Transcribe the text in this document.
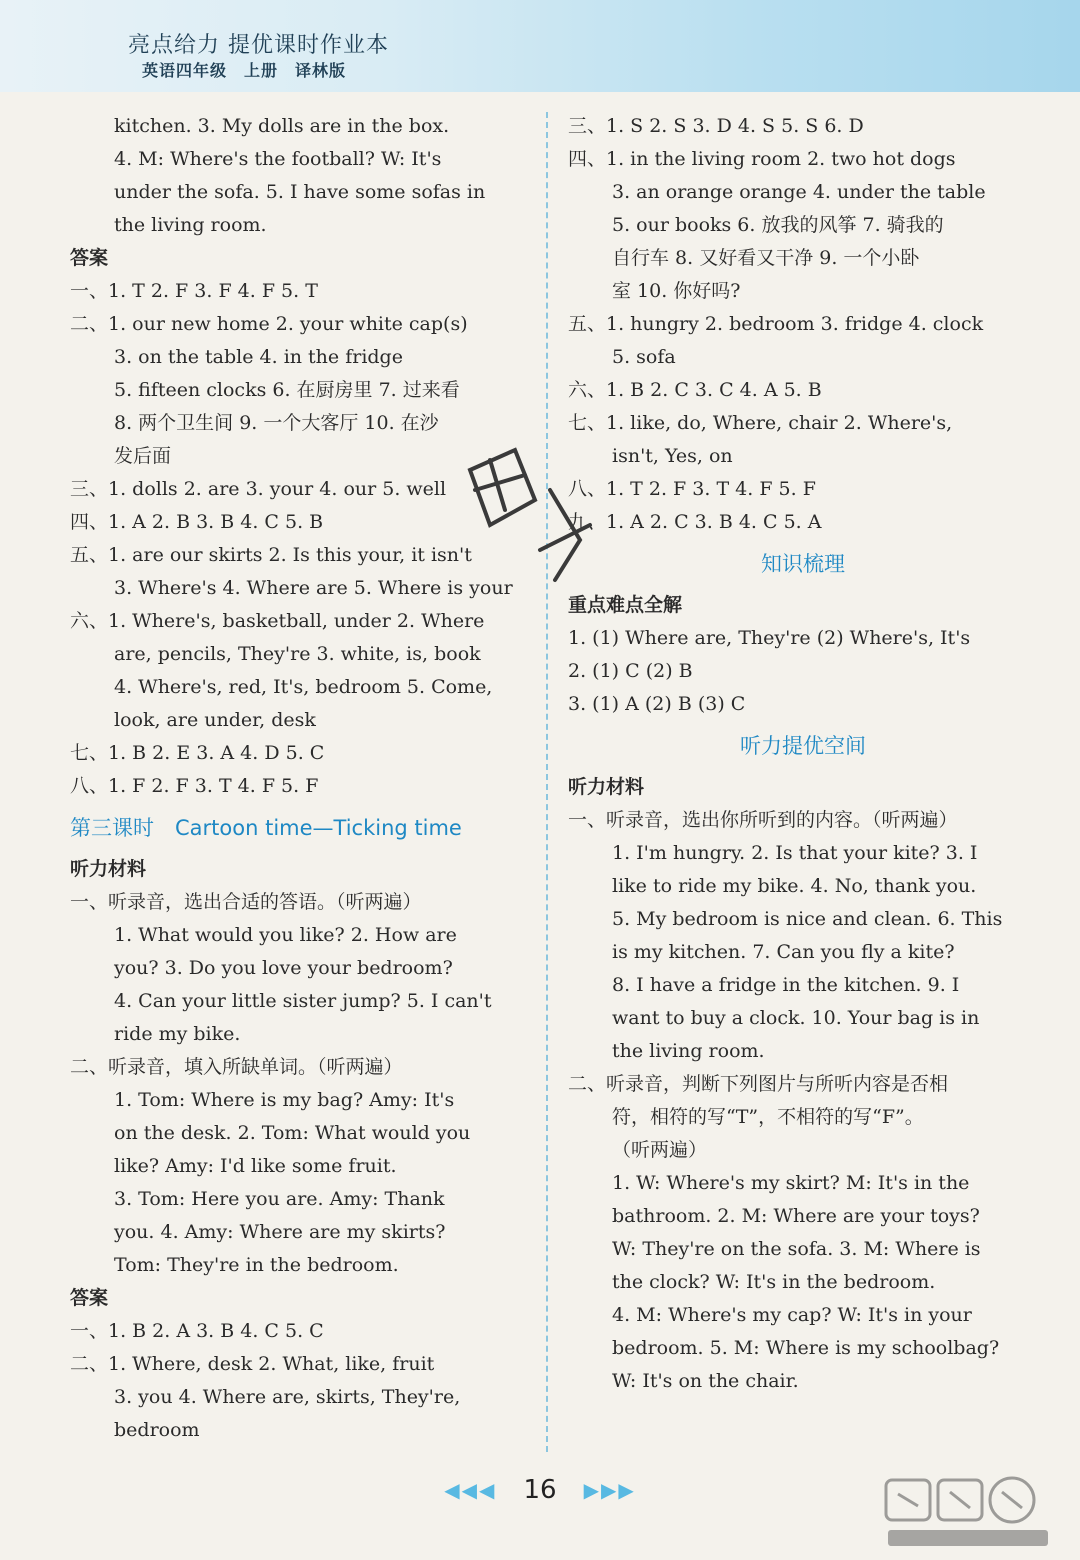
亮点给力 提优课时作业本
英语四年级　上册　译林版
kitchen. 3. My dolls are in the box.
4. M: Where's the football? W: It's
under the sofa. 5. I have some sofas in
the living room.
答案
一、1. T 2. F 3. F 4. F 5. T
二、1. our new home 2. your white cap(s)
3. on the table 4. in the fridge
5. fifteen clocks 6. 在厨房里 7. 过来看
8. 两个卫生间 9. 一个大客厅 10. 在沙
发后面
三、1. dolls 2. are 3. your 4. our 5. well
四、1. A 2. B 3. B 4. C 5. B
五、1. are our skirts 2. Is this your, it isn't
3. Where's 4. Where are 5. Where is your
六、1. Where's, basketball, under 2. Where
are, pencils, They're 3. white, is, book
4. Where's, red, It's, bedroom 5. Come,
look, are under, desk
七、1. B 2. E 3. A 4. D 5. C
八、1. F 2. F 3. T 4. F 5. F
第三课时　Cartoon time—Ticking time
听力材料
一、听录音，选出合适的答语。（听两遍）
1. What would you like? 2. How are
you? 3. Do you love your bedroom?
4. Can your little sister jump? 5. I can't
ride my bike.
二、听录音，填入所缺单词。（听两遍）
1. Tom: Where is my bag? Amy: It's
on the desk. 2. Tom: What would you
like? Amy: I'd like some fruit.
3. Tom: Here you are. Amy: Thank
you. 4. Amy: Where are my skirts?
Tom: They're in the bedroom.
答案
一、1. B 2. A 3. B 4. C 5. C
二、1. Where, desk 2. What, like, fruit
3. you 4. Where are, skirts, They're,
bedroom
三、1. S 2. S 3. D 4. S 5. S 6. D
四、1. in the living room 2. two hot dogs
3. an orange orange 4. under the table
5. our books 6. 放我的风筝 7. 骑我的
自行车 8. 又好看又干净 9. 一个小卧
室 10. 你好吗?
五、1. hungry 2. bedroom 3. fridge 4. clock
5. sofa
六、1. B 2. C 3. C 4. A 5. B
七、1. like, do, Where, chair 2. Where's,
isn't, Yes, on
八、1. T 2. F 3. T 4. F 5. F
九、1. A 2. C 3. B 4. C 5. A
知识梳理
重点难点全解
1. (1) Where are, They're (2) Where's, It's
2. (1) C (2) B
3. (1) A (2) B (3) C
听力提优空间
听力材料
一、听录音，选出你所听到的内容。（听两遍）
1. I'm hungry. 2. Is that your kite? 3. I
like to ride my bike. 4. No, thank you.
5. My bedroom is nice and clean. 6. This
is my kitchen. 7. Can you fly a kite?
8. I have a fridge in the kitchen. 9. I
want to buy a clock. 10. Your bag is in
the living room.
二、听录音，判断下列图片与所听内容是否相
符，相符的写“T”，不相符的写“F”。
（听两遍）
1. W: Where's my skirt? M: It's in the
bathroom. 2. M: Where are your toys?
W: They're on the sofa. 3. M: Where is
the clock? W: It's in the bedroom.
4. M: Where's my cap? W: It's in your
bedroom. 5. M: Where is my schoolbag?
W: It's on the chair.
◀◀◀ 16 ▶▶▶
